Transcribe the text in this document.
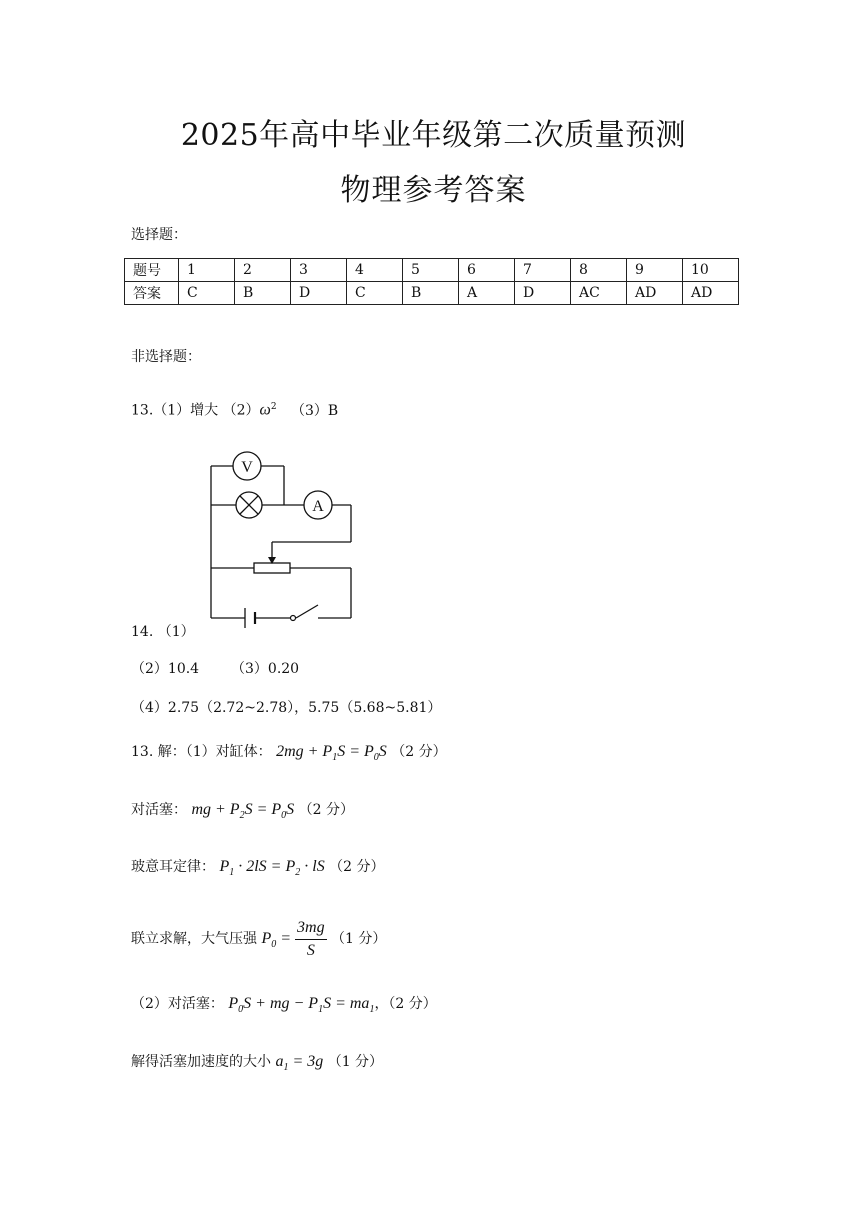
2025年高中毕业年级第二次质量预测
物理参考答案
选择题：
题号	1	2	3	4	5	6	7	8	9	10
答案	C	B	D	C	B	A	D	AC	AD	AD
非选择题：
13.（1）增大 $(2)\omega^2$ （3）B
V
A
14. （1）
（2）10.4 （3）0.20
（4）2.75（2.72~2.78），5.75（5.68~5.81）
13. 解：（1）对缸体： $2mg + P_1S = P_0S$ （2 分）
对活塞： mg + $P_2S = P_0S$ （2 分）
玻意耳定律： $P_1 \cdot 2lS = P_2$ · lS （2 分）
联立求解，大气压强 $P_0 = \frac{3mg}{S} (1$ 分）
（2）对活塞： $P_0S$ + mg − $P_1S = ma_1$，（2 分）
解得活塞加速度的大小 $a_1 = 3g$ （1 分）
